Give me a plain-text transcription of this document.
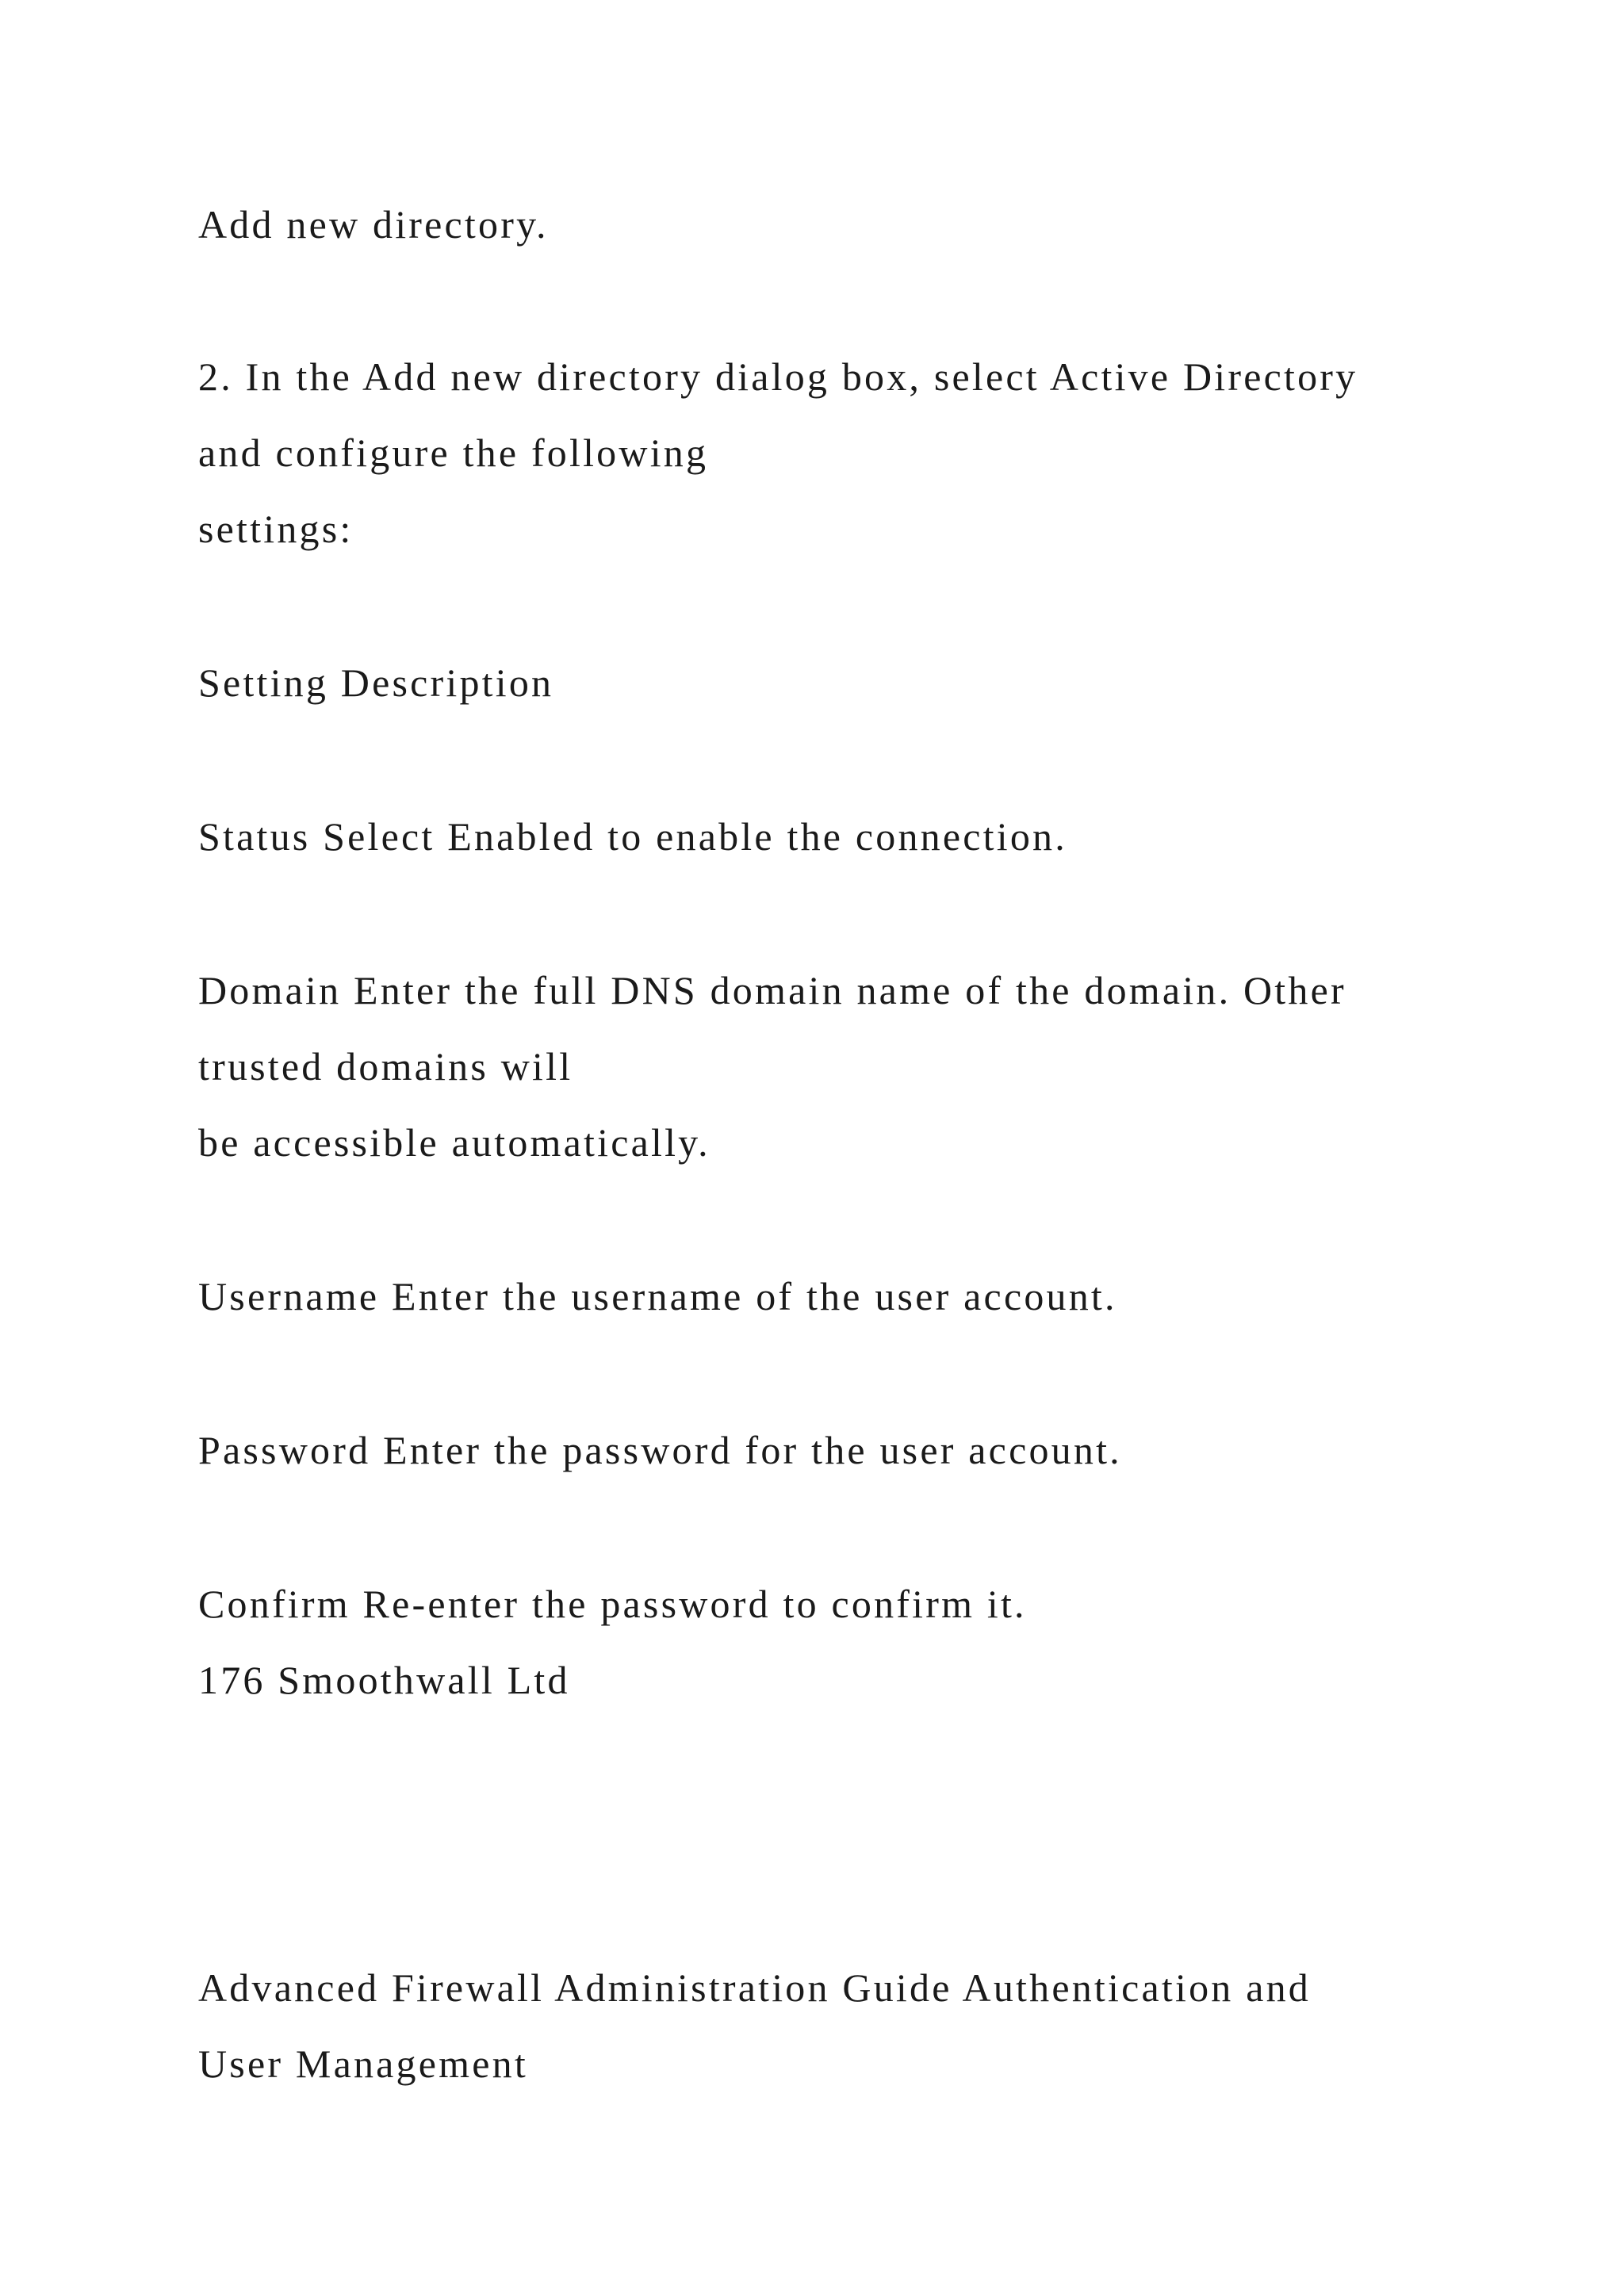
Add new directory.

2. In the Add new directory dialog box, select Active Directory

and configure the following

settings:

Setting Description

Status Select Enabled to enable the connection.

Domain Enter the full DNS domain name of the domain. Other

trusted domains will

be accessible automatically.

Username Enter the username of the user account.

Password Enter the password for the user account.

Confirm Re-enter the password to confirm it.

176 Smoothwall Ltd

Advanced Firewall Administration Guide Authentication and

User Management
